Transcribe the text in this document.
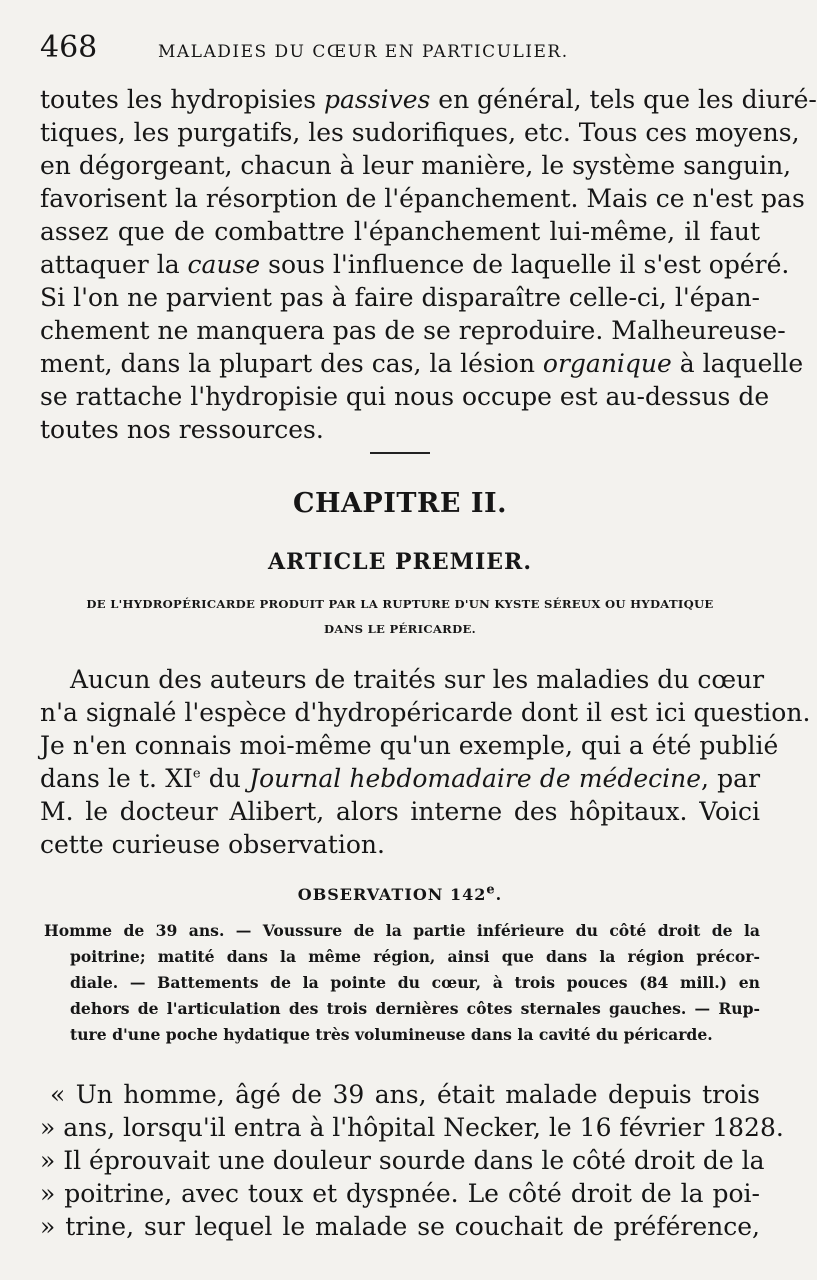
468	MALADIES DU CŒUR EN PARTICULIER.
toutes les hydropisies passives en général, tels que les diuré-
tiques, les purgatifs, les sudorifiques, etc. Tous ces moyens,
en dégorgeant, chacun à leur manière, le système sanguin,
favorisent la résorption de l'épanchement. Mais ce n'est pas
assez que de combattre l'épanchement lui-même, il faut
attaquer la cause sous l'influence de laquelle il s'est opéré.
Si l'on ne parvient pas à faire disparaître celle-ci, l'épan-
chement ne manquera pas de se reproduire. Malheureuse-
ment, dans la plupart des cas, la lésion organique à laquelle
se rattache l'hydropisie qui nous occupe est au-dessus de
toutes nos ressources.
CHAPITRE II.
ARTICLE PREMIER.
DE L'HYDROPÉRICARDE PRODUIT PAR LA RUPTURE D'UN KYSTE SÉREUX OU HYDATIQUE
DANS LE PÉRICARDE.
Aucun des auteurs de traités sur les maladies du cœur
n'a signalé l'espèce d'hydropéricarde dont il est ici question.
Je n'en connais moi-même qu'un exemple, qui a été publié
dans le t. XIe du Journal hebdomadaire de médecine, par
M. le docteur Alibert, alors interne des hôpitaux. Voici
cette curieuse observation.
OBSERVATION 142e.
Homme de 39 ans. — Voussure de la partie inférieure du côté droit de la
poitrine; matité dans la même région, ainsi que dans la région précor-
diale. — Battements de la pointe du cœur, à trois pouces (84 mill.) en
dehors de l'articulation des trois dernières côtes sternales gauches. — Rup-
ture d'une poche hydatique très volumineuse dans la cavité du péricarde.
« Un homme, âgé de 39 ans, était malade depuis trois
» ans, lorsqu'il entra à l'hôpital Necker, le 16 février 1828.
» Il éprouvait une douleur sourde dans le côté droit de la
» poitrine, avec toux et dyspnée. Le côté droit de la poi-
» trine, sur lequel le malade se couchait de préférence,
